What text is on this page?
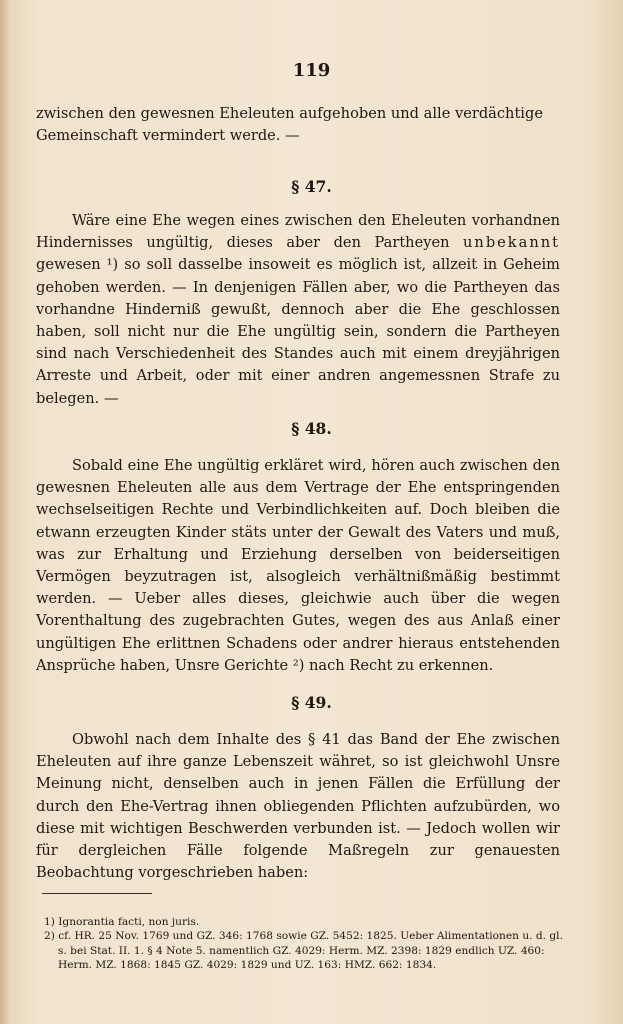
119

zwischen den gewesnen Eheleuten aufgehoben und alle verdächtige

Gemeinschaft vermindert werde. —

§ 47.

Wäre eine Ehe wegen eines zwischen den Eheleuten vorhandnen Hindernisses ungültig, dieses aber den Partheyen unbekannt gewesen ¹) so soll dasselbe insoweit es möglich ist, allzeit in Geheim gehoben werden. — In denjenigen Fällen aber, wo die Partheyen das vorhandne Hinderniß gewußt, dennoch aber die Ehe geschlossen haben, soll nicht nur die Ehe ungültig sein, sondern die Partheyen sind nach Verschiedenheit des Standes auch mit einem dreyjährigen Arreste und Arbeit, oder mit einer andren angemessnen Strafe zu belegen. —

§ 48.

Sobald eine Ehe ungültig erkläret wird, hören auch zwischen den gewesnen Eheleuten alle aus dem Vertrage der Ehe entspringenden wechselseitigen Rechte und Verbindlichkeiten auf. Doch bleiben die etwann erzeugten Kinder stäts unter der Gewalt des Vaters und muß, was zur Erhaltung und Erziehung derselben von beiderseitigen Vermögen beyzutragen ist, alsogleich verhältnißmäßig bestimmt werden. — Ueber alles dieses, gleichwie auch über die wegen Vorenthaltung des zugebrachten Gutes, wegen des aus Anlaß einer ungültigen Ehe erlittnen Schadens oder andrer hieraus entstehenden Ansprüche haben, Unsre Gerichte ²) nach Recht zu erkennen.

§ 49.

Obwohl nach dem Inhalte des § 41 das Band der Ehe zwischen Eheleuten auf ihre ganze Lebenszeit währet, so ist gleichwohl Unsre Meinung nicht, denselben auch in jenen Fällen die Erfüllung der durch den Ehe-Vertrag ihnen obliegenden Pflichten aufzubürden, wo diese mit wichtigen Beschwerden verbunden ist. — Jedoch wollen wir für dergleichen Fälle folgende Maßregeln zur genauesten Beobachtung vorgeschrieben haben:

1) Ignorantia facti, non juris.

2) cf. HR. 25 Nov. 1769 und GZ. 346: 1768 sowie GZ. 5452: 1825. Ueber Alimentationen u. d. gl. s. bei Stat. II. 1. § 4 Note 5. namentlich GZ. 4029: Herm. MZ. 2398: 1829 endlich UZ. 460: Herm. MZ. 1868: 1845 GZ. 4029: 1829 und UZ. 163: HMZ. 662: 1834.
